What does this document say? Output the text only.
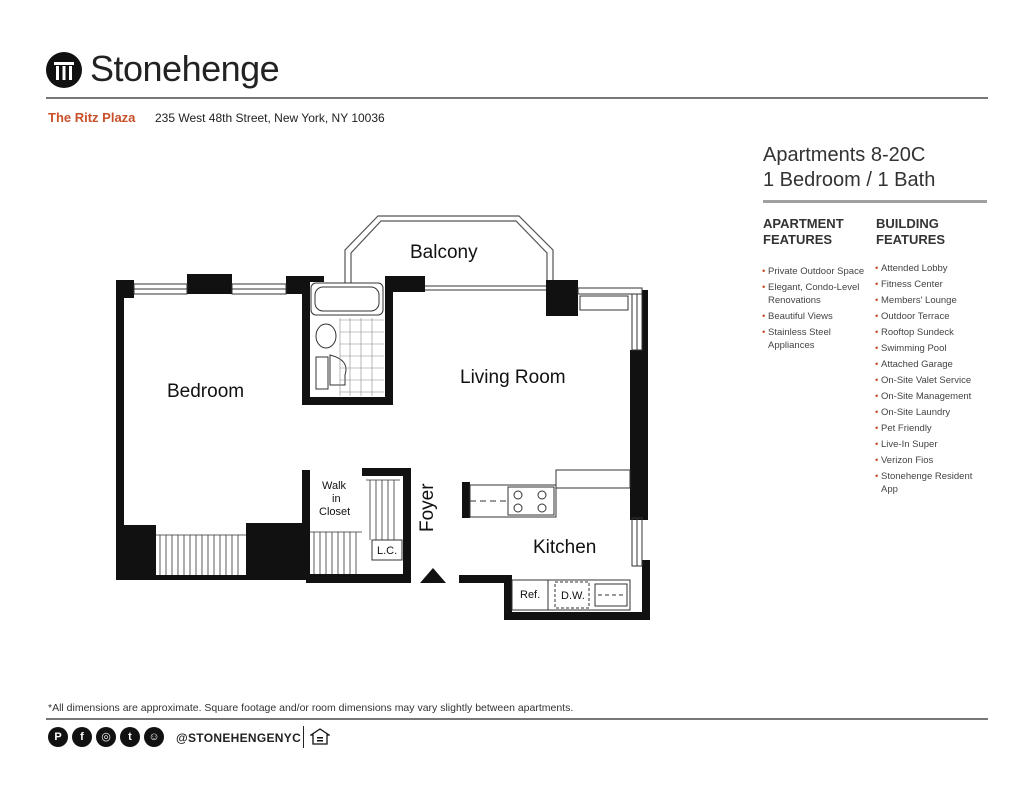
Stonehenge
The Ritz Plaza 235 West 48th Street, New York, NY 10036
Apartments 8-20C
1 Bedroom / 1 Bath
APARTMENT
FEATURES
BUILDING
FEATURES
• Private Outdoor Space
• Elegant, Condo-Level Renovations
• Beautiful Views
• Stainless Steel Appliances
• Attended Lobby
• Fitness Center
• Members' Lounge
• Outdoor Terrace
• Rooftop Sundeck
• Swimming Pool
• Attached Garage
• On-Site Valet Service
• On-Site Management
• On-Site Laundry
• Pet Friendly
• Live-In Super
• Verizon Fios
• Stonehenge Resident App
Balcony
Bedroom
Living Room
Walk
in
Closet	Foyer
Kitchen
L.C.
Ref. D.W.
*All dimensions are approximate. Square footage and/or room dimensions may vary slightly between apartments.
P	f	◎	t	☺	@STONEHENGENYC
